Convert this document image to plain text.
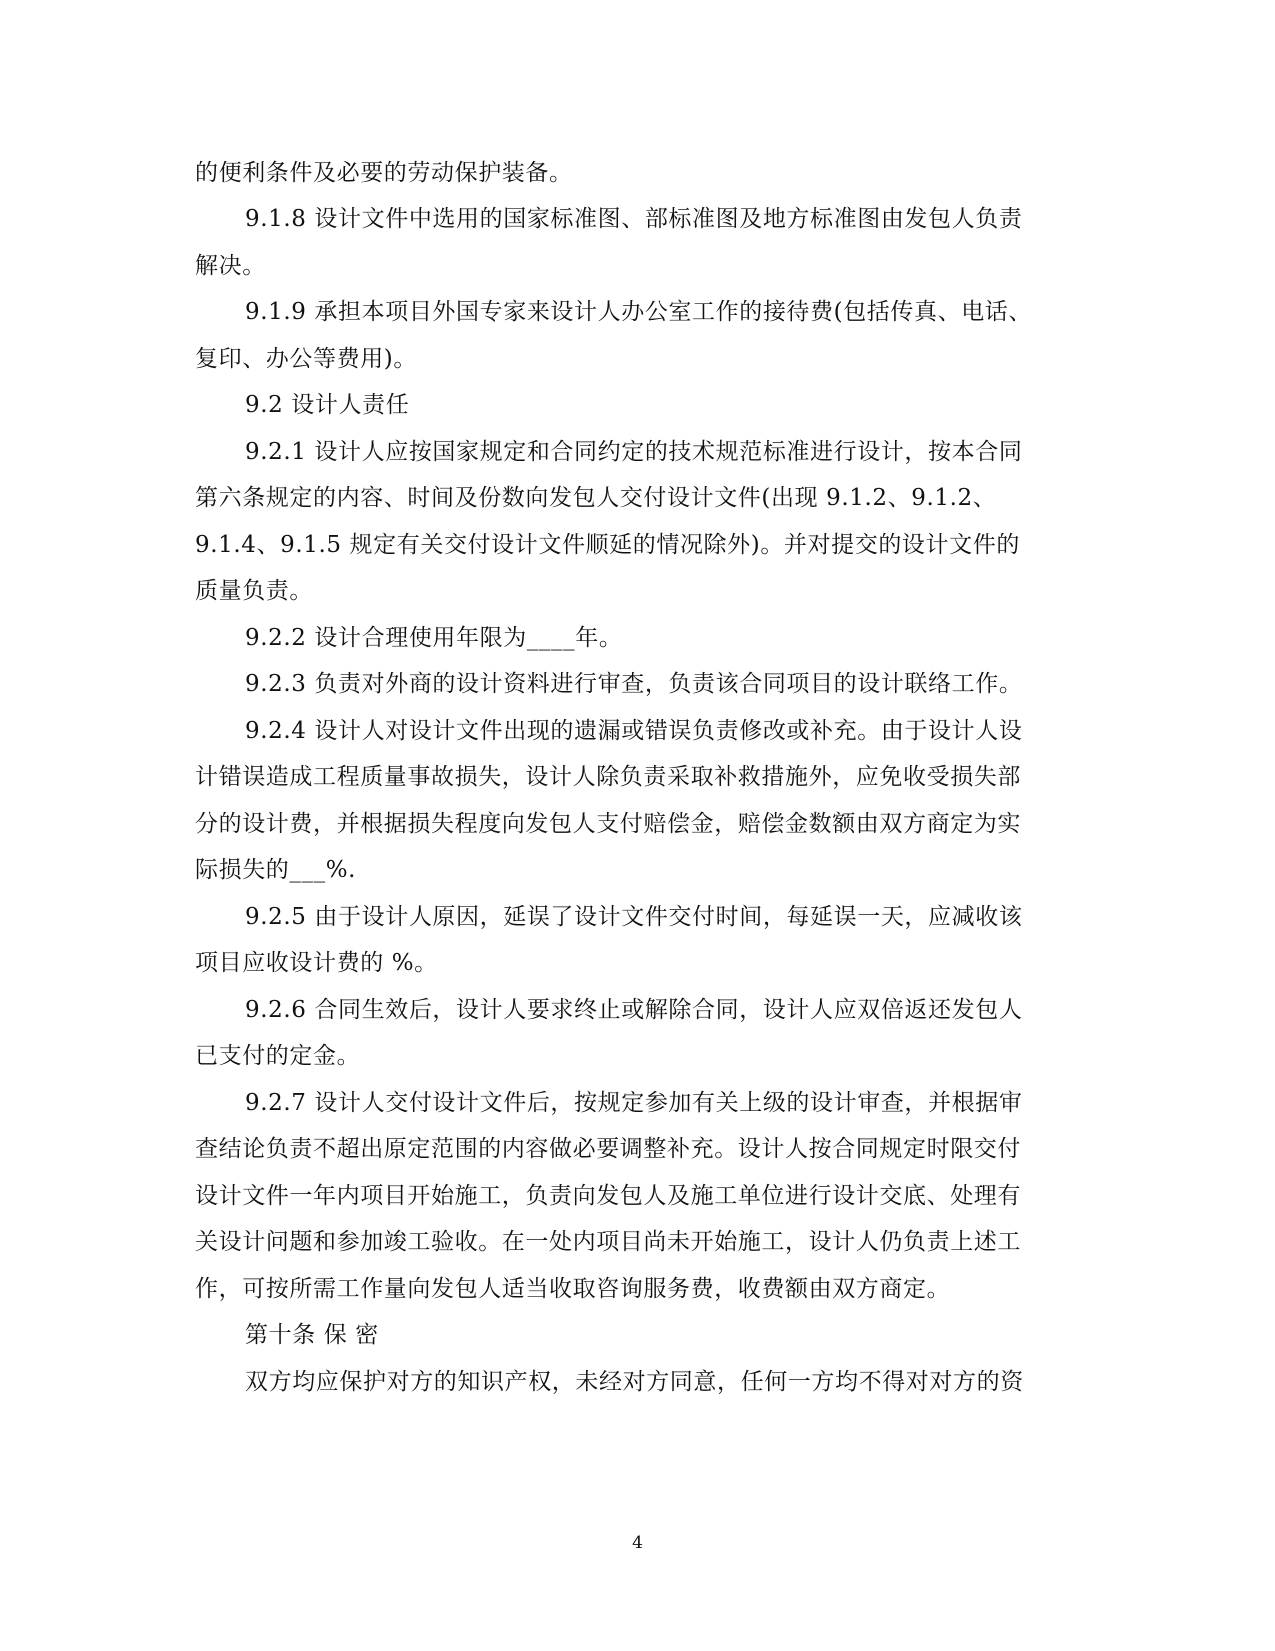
的便利条件及必要的劳动保护装备。
9.1.8 设计文件中选用的国家标准图、部标准图及地方标准图由发包人负责
解决。
9.1.9 承担本项目外国专家来设计人办公室工作的接待费(包括传真、电话、
复印、办公等费用)。
9.2 设计人责任
9.2.1 设计人应按国家规定和合同约定的技术规范标准进行设计，按本合同
第六条规定的内容、时间及份数向发包人交付设计文件(出现 9.1.2、9.1.2、
9.1.4、9.1.5 规定有关交付设计文件顺延的情况除外)。并对提交的设计文件的
质量负责。
9.2.2 设计合理使用年限为____年。
9.2.3 负责对外商的设计资料进行审查，负责该合同项目的设计联络工作。
9.2.4 设计人对设计文件出现的遗漏或错误负责修改或补充。由于设计人设
计错误造成工程质量事故损失，设计人除负责采取补救措施外，应免收受损失部
分的设计费，并根据损失程度向发包人支付赔偿金，赔偿金数额由双方商定为实
际损失的___%.
9.2.5 由于设计人原因，延误了设计文件交付时间，每延误一天，应减收该
项目应收设计费的 %。
9.2.6 合同生效后，设计人要求终止或解除合同，设计人应双倍返还发包人
已支付的定金。
9.2.7 设计人交付设计文件后，按规定参加有关上级的设计审查，并根据审
查结论负责不超出原定范围的内容做必要调整补充。设计人按合同规定时限交付
设计文件一年内项目开始施工，负责向发包人及施工单位进行设计交底、处理有
关设计问题和参加竣工验收。在一处内项目尚未开始施工，设计人仍负责上述工
作，可按所需工作量向发包人适当收取咨询服务费，收费额由双方商定。
第十条 保 密
双方均应保护对方的知识产权，未经对方同意，任何一方均不得对对方的资
4
